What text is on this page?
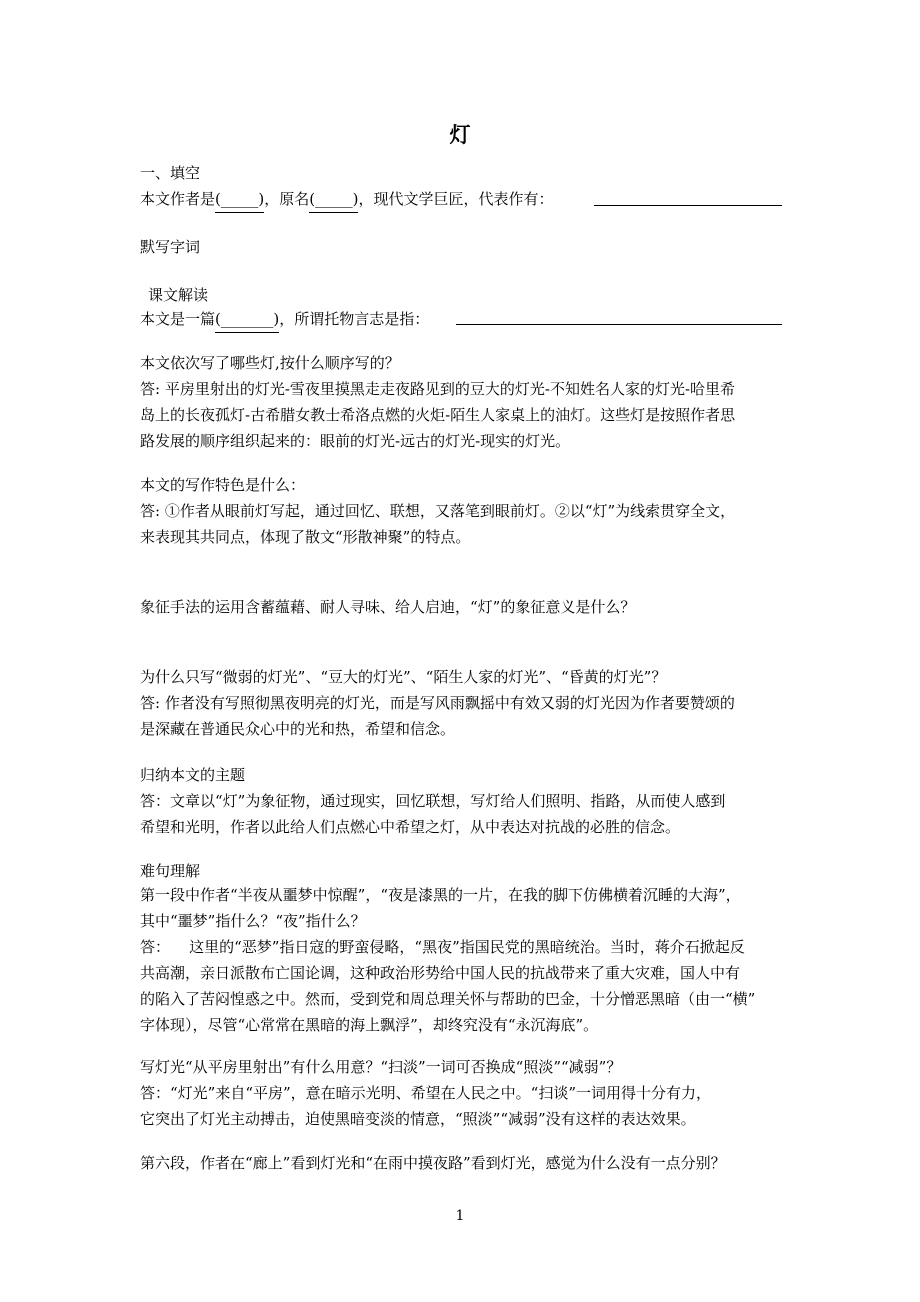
灯
一、填空
本文作者是(_____)，原名(_____)，现代文学巨匠，代表作有：
默写字词
课文解读
本文是一篇(_______)，所谓托物言志是指：
本文依次写了哪些灯,按什么顺序写的？
答: 平房里射出的灯光-雪夜里摸黑走走夜路见到的豆大的灯光-不知姓名人家的灯光-哈里希
岛上的长夜孤灯-古希腊女教士希洛点燃的火炬-陌生人家桌上的油灯。这些灯是按照作者思
路发展的顺序组织起来的：眼前的灯光-远古的灯光-现实的灯光。
本文的写作特色是什么：
答: ①作者从眼前灯写起，通过回忆、联想，又落笔到眼前灯。②以“灯”为线索贯穿全文，
来表现其共同点，体现了散文“形散神聚”的特点。
象征手法的运用含蓄蕴藉、耐人寻味、给人启迪，“灯”的象征意义是什么？
为什么只写“微弱的灯光”、“豆大的灯光”、“陌生人家的灯光”、“昏黄的灯光”？
答: 作者没有写照彻黑夜明亮的灯光，而是写风雨飘摇中有效又弱的灯光因为作者要赞颂的
是深藏在普通民众心中的光和热，希望和信念。
归纳本文的主题
答：文章以“灯”为象征物，通过现实，回忆联想，写灯给人们照明、指路，从而使人感到
希望和光明，作者以此给人们点燃心中希望之灯，从中表达对抗战的必胜的信念。
难句理解
第一段中作者“半夜从噩梦中惊醒”，“夜是漆黑的一片，在我的脚下仿佛横着沉睡的大海”，
其中“噩梦”指什么？“夜”指什么？
答：    这里的“恶梦”指日寇的野蛮侵略，“黑夜”指国民党的黑暗统治。当时，蒋介石掀起反
共高潮，亲日派散布亡国论调，这种政治形势给中国人民的抗战带来了重大灾难，国人中有
的陷入了苦闷惶惑之中。然而，受到党和周总理关怀与帮助的巴金，十分憎恶黑暗（由一“横”
字体现），尽管“心常常在黑暗的海上飘浮”，却终究没有“永沉海底”。
写灯光“从平房里射出”有什么用意？“扫淡”一词可否换成“照淡”“减弱”？
答：“灯光”来自“平房”，意在暗示光明、希望在人民之中。“扫谈”一词用得十分有力，
它突出了灯光主动搏击，迫使黑暗变淡的情意，“照淡”“减弱”没有这样的表达效果。
第六段，作者在“廊上”看到灯光和“在雨中摸夜路”看到灯光，感觉为什么没有一点分别？
1
